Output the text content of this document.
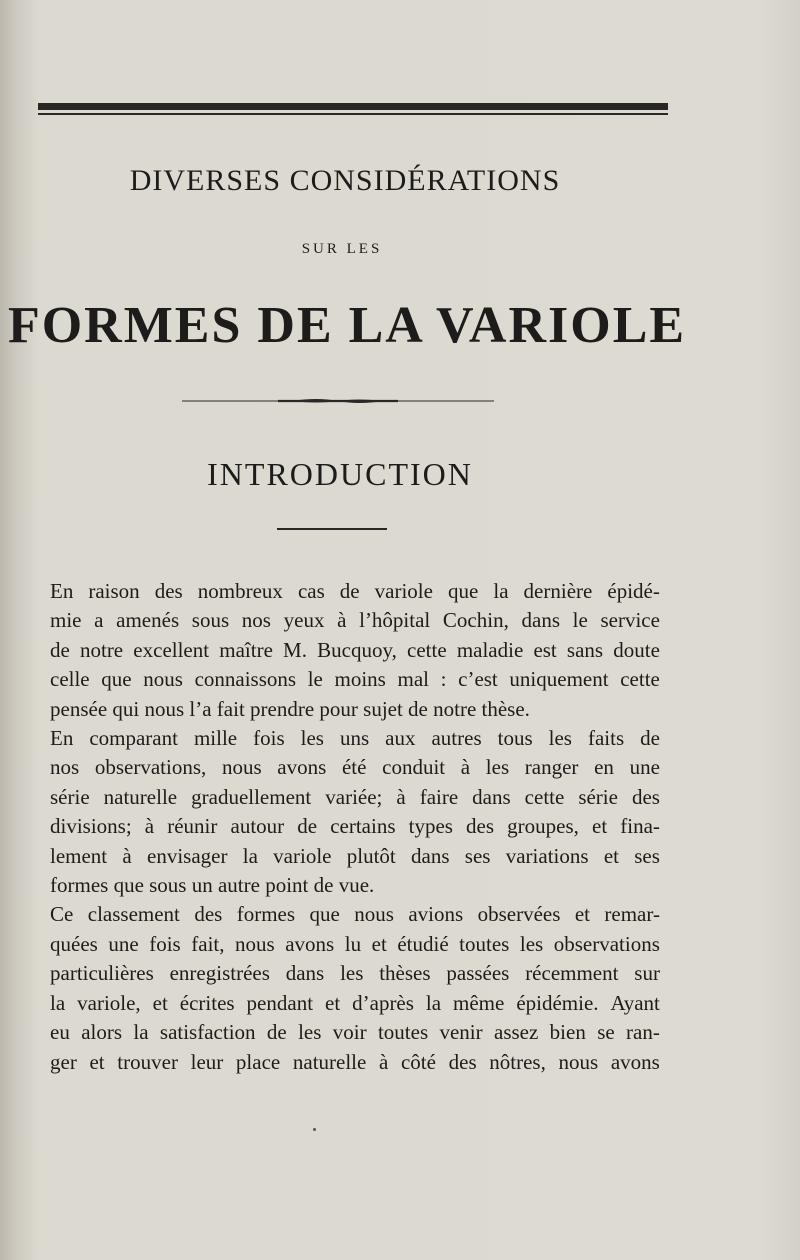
DIVERSES CONSIDÉRATIONS
SUR LES
FORMES DE LA VARIOLE
INTRODUCTION

En raison des nombreux cas de variole que la dernière épidé-
mie a amenés sous nos yeux à l’hôpital Cochin, dans le service
de notre excellent maître M. Bucquoy, cette maladie est sans doute
celle que nous connaissons le moins mal : c’est uniquement cette
pensée qui nous l’a fait prendre pour sujet de notre thèse.

En comparant mille fois les uns aux autres tous les faits de
nos observations, nous avons été conduit à les ranger en une
série naturelle graduellement variée; à faire dans cette série des
divisions; à réunir autour de certains types des groupes, et fina-
lement à envisager la variole plutôt dans ses variations et ses
formes que sous un autre point de vue.

Ce classement des formes que nous avions observées et remar-
quées une fois fait, nous avons lu et étudié toutes les observations
particulières enregistrées dans les thèses passées récemment sur
la variole, et écrites pendant et d’après la même épidémie. Ayant
eu alors la satisfaction de les voir toutes venir assez bien se ran-
ger et trouver leur place naturelle à côté des nôtres, nous avons
